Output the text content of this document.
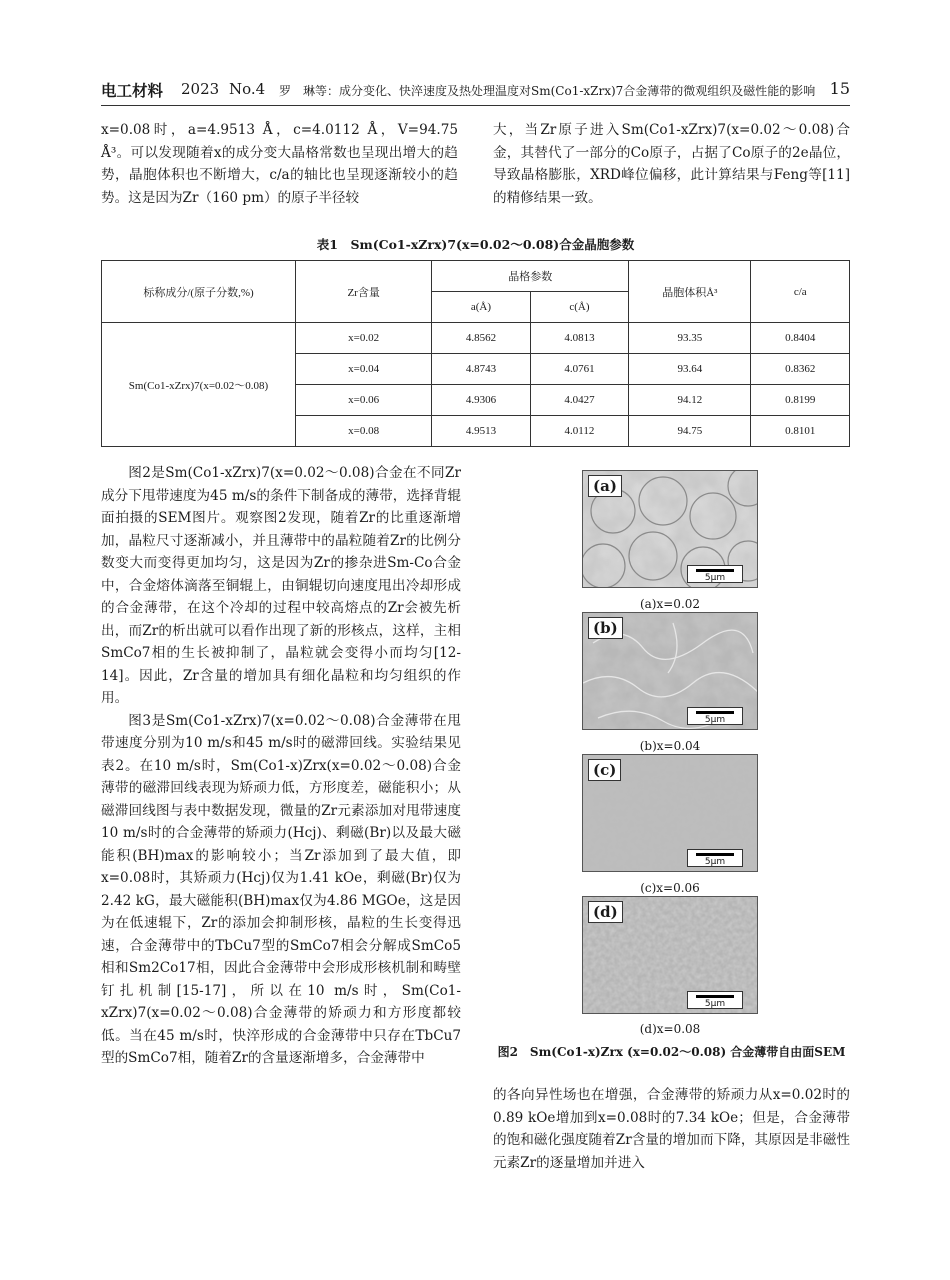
电工材料 2023 No.4 罗　琳等：成分变化、快淬速度及热处理温度对Sm(Co1-xZrx)7合金薄带的微观组织及磁性能的影响 15

x=0.08时，a=4.9513 Å，c=4.0112 Å，V=94.75 Å³。可以发现随着x的成分变大晶格常数也呈现出增大的趋势，晶胞体积也不断增大，c/a的轴比也呈现逐渐较小的趋势。这是因为Zr（160 pm）的原子半径较

大，当Zr原子进入Sm(Co1-xZrx)7(x=0.02～0.08)合金，其替代了一部分的Co原子，占据了Co原子的2e晶位，导致晶格膨胀，XRD峰位偏移，此计算结果与Feng等[11]的精修结果一致。

表1　Sm(Co1-xZrx)7(x=0.02～0.08)合金晶胞参数
标称成分/(原子分数,%)	Zr含量	晶格参数		晶胞体积Å³	c/a
		a(Å)	c(Å)		
Sm(Co1-xZrx)7(x=0.02～0.08)	x=0.02	4.8562	4.0813	93.35	0.8404
	x=0.04	4.8743	4.0761	93.64	0.8362
	x=0.06	4.9306	4.0427	94.12	0.8199
	x=0.08	4.9513	4.0112	94.75	0.8101

图2是Sm(Co1-xZrx)7(x=0.02～0.08)合金在不同Zr成分下甩带速度为45 m/s的条件下制备成的薄带，选择背辊面拍摄的SEM图片。观察图2发现，随着Zr的比重逐渐增加，晶粒尺寸逐渐减小，并且薄带中的晶粒随着Zr的比例分数变大而变得更加均匀，这是因为Zr的掺杂进Sm-Co合金中，合金熔体滴落至铜辊上，由铜辊切向速度甩出冷却形成的合金薄带，在这个冷却的过程中较高熔点的Zr会被先析出，而Zr的析出就可以看作出现了新的形核点，这样，主相SmCo7相的生长被抑制了，晶粒就会变得小而均匀[12-14]。因此，Zr含量的增加具有细化晶粒和均匀组织的作用。

图3是Sm(Co1-xZrx)7(x=0.02～0.08)合金薄带在甩带速度分别为10 m/s和45 m/s时的磁滞回线。实验结果见表2。在10 m/s时，Sm(Co1-x)Zrx(x=0.02～0.08)合金薄带的磁滞回线表现为矫顽力低，方形度差，磁能积小；从磁滞回线图与表中数据发现，微量的Zr元素添加对甩带速度10 m/s时的合金薄带的矫顽力(Hcj)、剩磁(Br)以及最大磁能积(BH)max的影响较小；当Zr添加到了最大值，即x=0.08时，其矫顽力(Hcj)仅为1.41 kOe，剩磁(Br)仅为2.42 kG，最大磁能积(BH)max仅为4.86 MGOe，这是因为在低速辊下，Zr的添加会抑制形核，晶粒的生长变得迅速，合金薄带中的TbCu7型的SmCo7相会分解成SmCo5相和Sm2Co17相，因此合金薄带中会形成形核机制和畴壁钉扎机制[15-17]，所以在10 m/s时，Sm(Co1-xZrx)7(x=0.02～0.08)合金薄带的矫顽力和方形度都较低。当在45 m/s时，快淬形成的合金薄带中只存在TbCu7型的SmCo7相，随着Zr的含量逐渐增多，合金薄带中

(a)
5μm
(a)x=0.02
(b)
5μm
(b)x=0.04
(c)
5μm
(c)x=0.06
(d)
5μm
(d)x=0.08
图2　Sm(Co1-x)Zrx (x=0.02～0.08) 合金薄带自由面SEM

的各向异性场也在增强，合金薄带的矫顽力从x=0.02时的0.89 kOe增加到x=0.08时的7.34 kOe；但是，合金薄带的饱和磁化强度随着Zr含量的增加而下降，其原因是非磁性元素Zr的逐量增加并进入
